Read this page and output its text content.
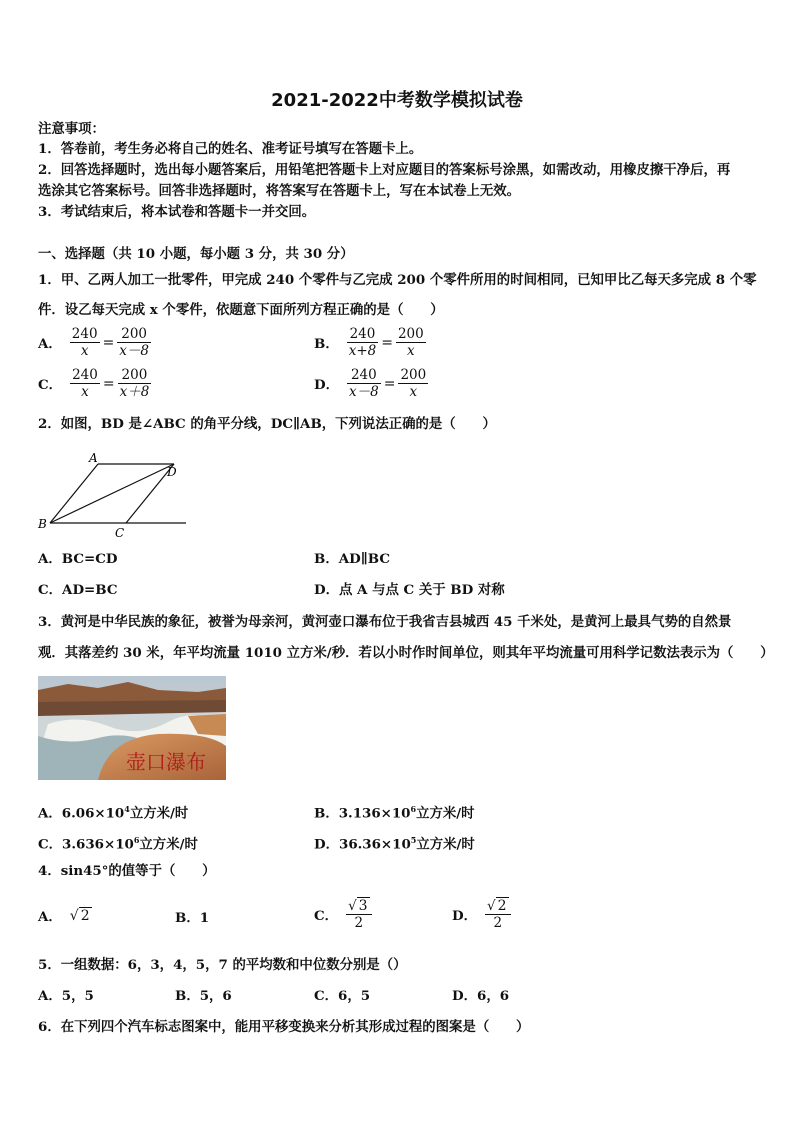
2021-2022中考数学模拟试卷
注意事项：
1．答卷前，考生务必将自己的姓名、准考证号填写在答题卡上。
2．回答选择题时，选出每小题答案后，用铅笔把答题卡上对应题目的答案标号涂黑，如需改动，用橡皮擦干净后，再
选涂其它答案标号。回答非选择题时，将答案写在答题卡上，写在本试卷上无效。
3．考试结束后，将本试卷和答题卡一并交回。
一、选择题（共 10 小题，每小题 3 分，共 30 分）
1．甲、乙两人加工一批零件，甲完成 240 个零件与乙完成 200 个零件所用的时间相同，已知甲比乙每天多完成 8 个零
件．设乙每天完成 x 个零件，依题意下面所列方程正确的是（　　）
A． $\frac{240}{x} = \frac{200}{x-8}$	B． $\frac{240}{x+8} = \frac{200}{x}$
C． $\frac{240}{x} = \frac{200}{x+8}$	D． $\frac{240}{x-8} = \frac{200}{x}$
2．如图，BD 是∠ABC 的角平分线，DC∥AB，下列说法正确的是（　　）
A
D
B
C
A．BC=CD	B．AD∥BC
C．AD=BC	D．点 A 与点 C 关于 BD 对称
3．黄河是中华民族的象征，被誉为母亲河，黄河壶口瀑布位于我省吉县城西 45 千米处，是黄河上最具气势的自然景
观．其落差约 30 米，年平均流量 1010 立方米/秒．若以小时作时间单位，则其年平均流量可用科学记数法表示为（　　）
壶口瀑布
A．$6.06\times 10^4$立方米/时	B．$3.136\times 10^6$立方米/时
C．$3.636\times 10^6$立方米/时	D．$36.36\times 10^5$立方米/时
4．sin45°的值等于（　　）
A． √ 2	B．1	C． $\frac{√ 3}{2}$	D． $\frac{√ 2}{2}$
5．一组数据：6，3，4，5，7 的平均数和中位数分别是（）
A．5，5	B．5，6	C．6，5	D．6，6
6．在下列四个汽车标志图案中，能用平移变换来分析其形成过程的图案是（　　）
